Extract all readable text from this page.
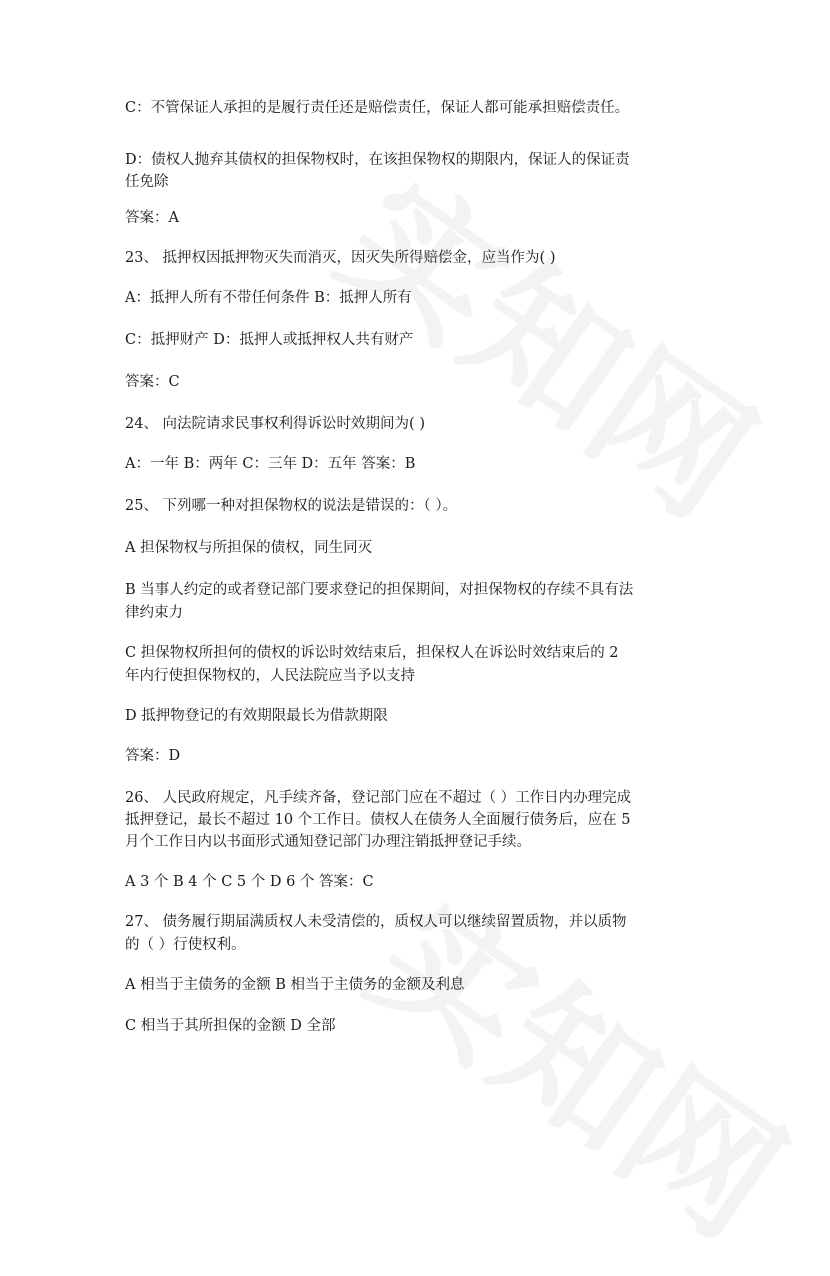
C：不管保证人承担的是履行责任还是赔偿责任，保证人都可能承担赔偿责任。
D：债权人抛弃其债权的担保物权时，在该担保物权的期限内，保证人的保证责
任免除
答案：A
23、 抵押权因抵押物灭失而消灭，因灭失所得赔偿金，应当作为( )
A：抵押人所有不带任何条件 B：抵押人所有
C：抵押财产 D：抵押人或抵押权人共有财产
答案：C
24、 向法院请求民事权利得诉讼时效期间为( )
A：一年 B：两年 C：三年 D：五年 答案：B
25、 下列哪一种对担保物权的说法是错误的：（ ）。
A 担保物权与所担保的债权，同生同灭
B 当事人约定的或者登记部门要求登记的担保期间，对担保物权的存续不具有法
律约束力
C 担保物权所担何的债权的诉讼时效结束后，担保权人在诉讼时效结束后的 2
年内行使担保物权的，人民法院应当予以支持
D 抵押物登记的有效期限最长为借款期限
答案：D
26、 人民政府规定，凡手续齐备，登记部门应在不超过（ ）工作日内办理完成
抵押登记，最长不超过 10 个工作日。债权人在债务人全面履行债务后，应在 5
月个工作日内以书面形式通知登记部门办理注销抵押登记手续。
A 3 个 B 4 个 C 5 个 D 6 个 答案：C
27、 债务履行期届满质权人未受清偿的，质权人可以继续留置质物，并以质物
的（ ）行使权利。
A 相当于主债务的金额 B 相当于主债务的金额及利息
C 相当于其所担保的金额 D 全部
